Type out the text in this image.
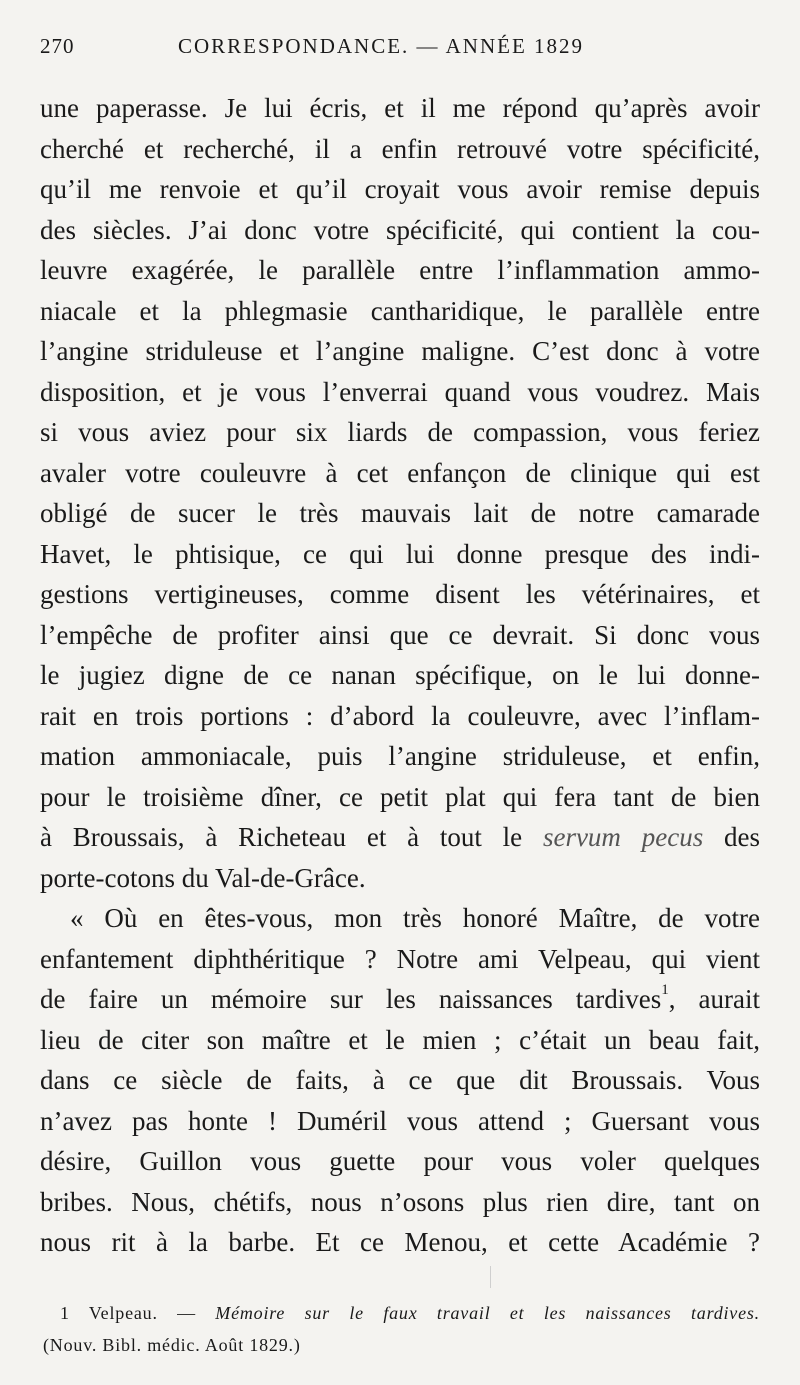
270	CORRESPONDANCE. — ANNÉE 1829
une paperasse. Je lui écris, et il me répond qu’après avoir
cherché et recherché, il a enfin retrouvé votre spécificité,
qu’il me renvoie et qu’il croyait vous avoir remise depuis
des siècles. J’ai donc votre spécificité, qui contient la cou-
leuvre exagérée, le parallèle entre l’inflammation ammo-
niacale et la phlegmasie cantharidique, le parallèle entre
l’angine striduleuse et l’angine maligne. C’est donc à votre
disposition, et je vous l’enverrai quand vous voudrez. Mais
si vous aviez pour six liards de compassion, vous feriez
avaler votre couleuvre à cet enfançon de clinique qui est
obligé de sucer le très mauvais lait de notre camarade
Havet, le phtisique, ce qui lui donne presque des indi-
gestions vertigineuses, comme disent les vétérinaires, et
l’empêche de profiter ainsi que ce devrait. Si donc vous
le jugiez digne de ce nanan spécifique, on le lui donne-
rait en trois portions : d’abord la couleuvre, avec l’inflam-
mation ammoniacale, puis l’angine striduleuse, et enfin,
pour le troisième dîner, ce petit plat qui fera tant de bien
à Broussais, à Richeteau et à tout le servum pecus des
porte-cotons du Val-de-Grâce.
« Où en êtes-vous, mon très honoré Maître, de votre
enfantement diphthéritique ? Notre ami Velpeau, qui vient
de faire un mémoire sur les naissances tardives$^1$, aurait
lieu de citer son maître et le mien ; c’était un beau fait,
dans ce siècle de faits, à ce que dit Broussais. Vous
n’avez pas honte ! Duméril vous attend ; Guersant vous
désire, Guillon vous guette pour vous voler quelques
bribes. Nous, chétifs, nous n’osons plus rien dire, tant on
nous rit à la barbe. Et ce Menou, et cette Académie ?
1 Velpeau. — Mémoire sur le faux travail et les naissances tardives.
(Nouv. Bibl. médic. Août 1829.)
